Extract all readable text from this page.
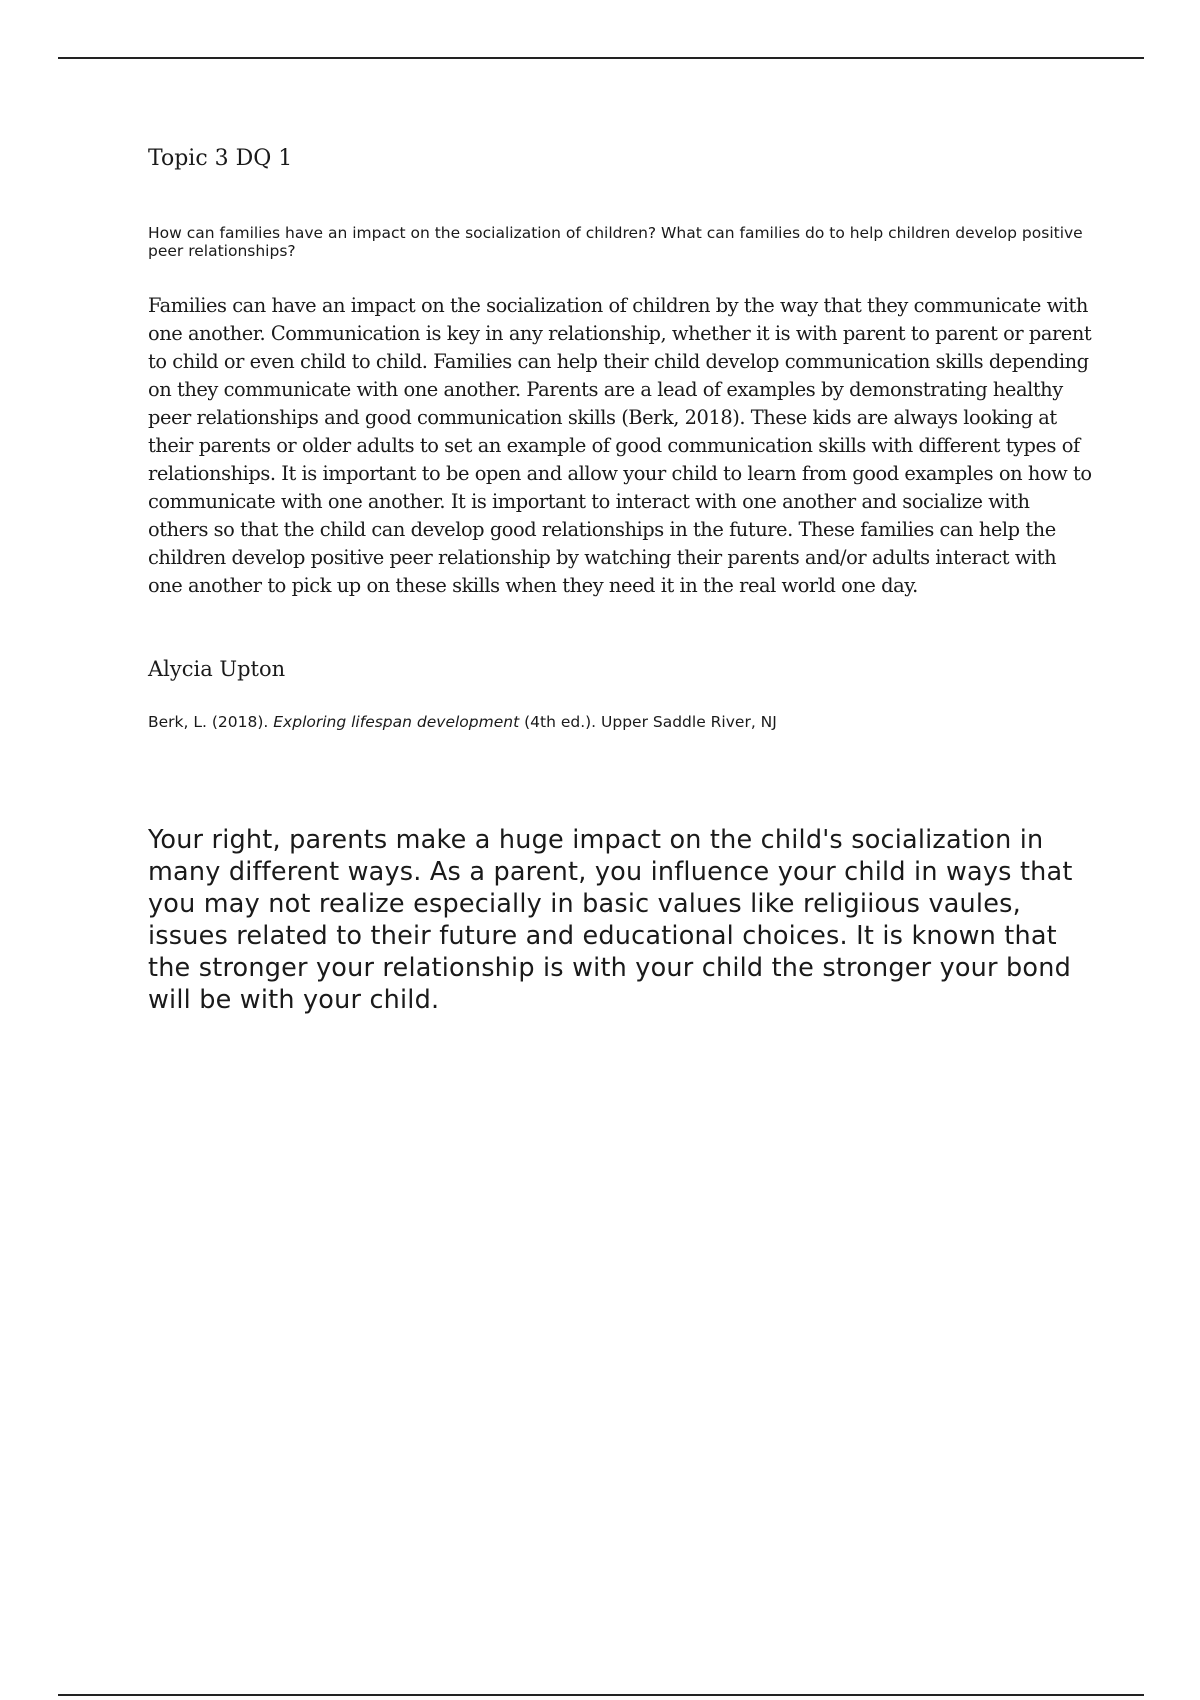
Topic 3 DQ 1

How can families have an impact on the socialization of children? What can families do to help children develop positive peer relationships?

Families can have an impact on the socialization of children by the way that they communicate with one another. Communication is key in any relationship, whether it is with parent to parent or parent to child or even child to child. Families can help their child develop communication skills depending on they communicate with one another. Parents are a lead of examples by demonstrating healthy peer relationships and good communication skills (Berk, 2018). These kids are always looking at their parents or older adults to set an example of good communication skills with different types of relationships. It is important to be open and allow your child to learn from good examples on how to communicate with one another. It is important to interact with one another and socialize with others so that the child can develop good relationships in the future. These families can help the children develop positive peer relationship by watching their parents and/or adults interact with one another to pick up on these skills when they need it in the real world one day.

Alycia Upton

Berk, L. (2018). Exploring lifespan development (4th ed.). Upper Saddle River, NJ

Your right, parents make a huge impact on the child's socialization in many different ways. As a parent, you influence your child in ways that you may not realize especially in basic values like religiious vaules, issues related to their future and educational choices. It is known that the stronger your relationship is with your child the stronger your bond will be with your child.
